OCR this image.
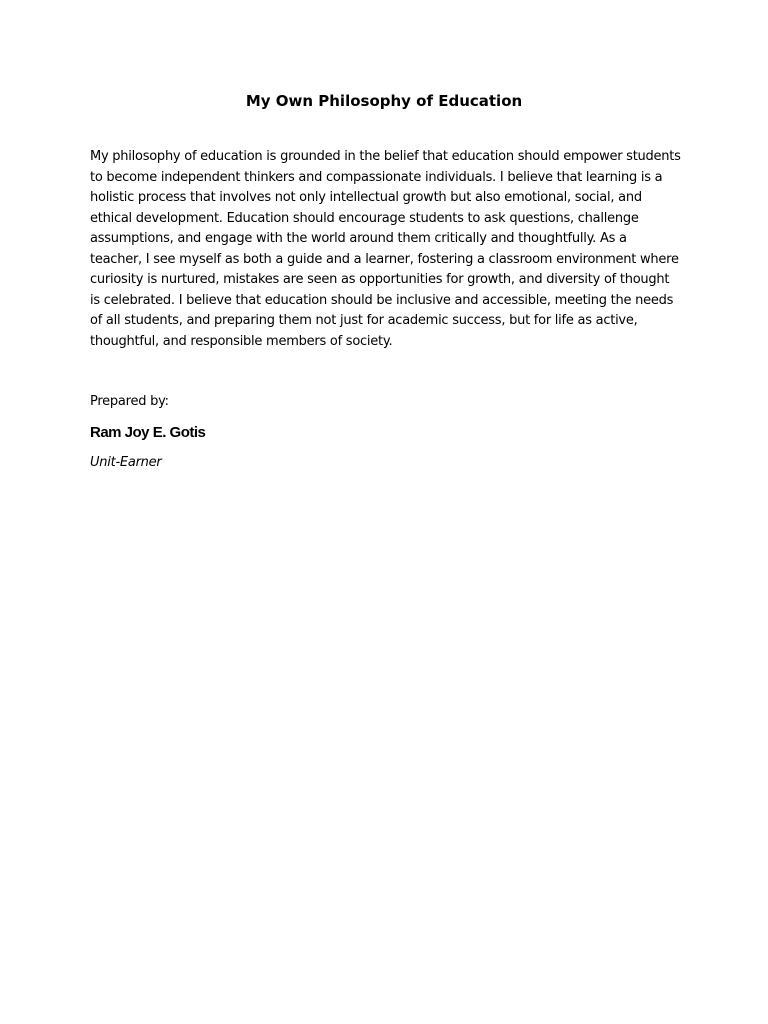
My Own Philosophy of Education

My philosophy of education is grounded in the belief that education should empower students to become independent thinkers and compassionate individuals. I believe that learning is a holistic process that involves not only intellectual growth but also emotional, social, and ethical development. Education should encourage students to ask questions, challenge assumptions, and engage with the world around them critically and thoughtfully. As a teacher, I see myself as both a guide and a learner, fostering a classroom environment where curiosity is nurtured, mistakes are seen as opportunities for growth, and diversity of thought is celebrated. I believe that education should be inclusive and accessible, meeting the needs of all students, and preparing them not just for academic success, but for life as active, thoughtful, and responsible members of society.

Prepared by:

Ram Joy E. Gotis

Unit-Earner
